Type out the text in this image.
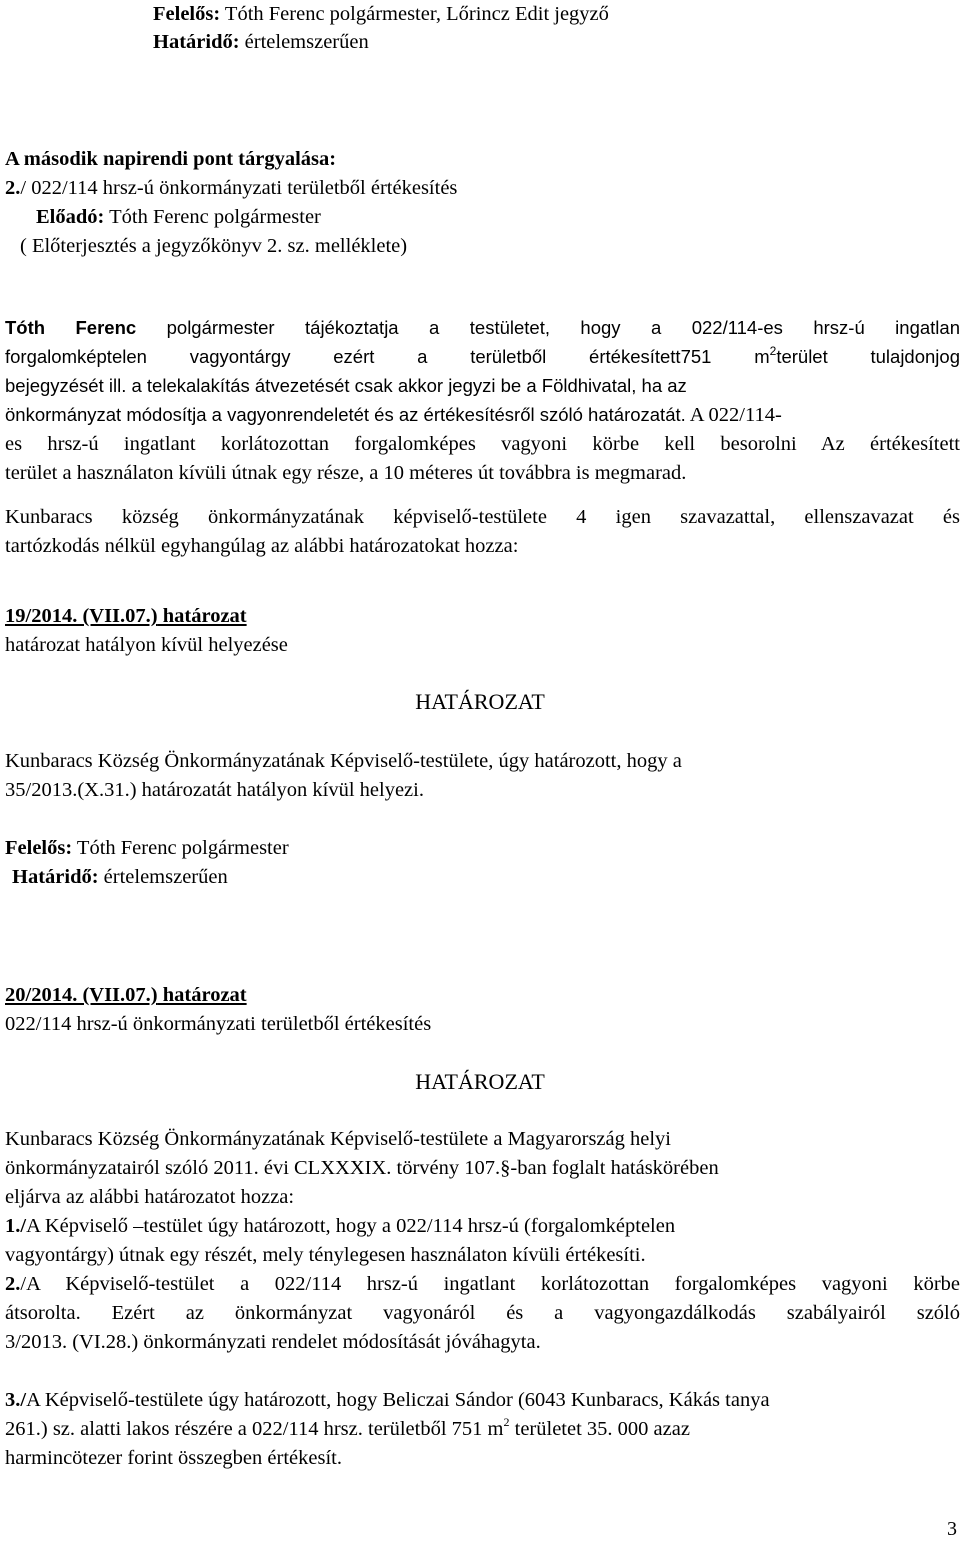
Felelős: Tóth Ferenc polgármester, Lőrincz Edit jegyző
Határidő: értelemszerűen
A második napirendi pont tárgyalása:
2./ 022/114 hrsz-ú önkormányzati területből értékesítés
Előadó: Tóth Ferenc polgármester
( Előterjesztés a jegyzőkönyv 2. sz. melléklete)
Tóth Ferenc polgármester tájékoztatja a testületet, hogy a 022/114-es hrsz-ú ingatlan
forgalomképtelen vagyontárgy ezért a területből értékesített751 $m^2terület$ tulajdonjog
bejegyzését ill. a telekalakítás átvezetését csak akkor jegyzi be a Földhivatal, ha az
önkormányzat módosítja a vagyonrendeletét és az értékesítésről szóló határozatát. A 022/114-
es hrsz-ú ingatlant korlátozottan forgalomképes vagyoni körbe kell besorolni Az értékesített
terület a használaton kívüli útnak egy része, a 10 méteres út továbbra is megmarad.
Kunbaracs község önkormányzatának képviselő-testülete 4 igen szavazattal, ellenszavazat és
tartózkodás nélkül egyhangúlag az alábbi határozatokat hozza:
19/2014. (VII.07.) határozat
határozat hatályon kívül helyezése
HATÁROZAT
Kunbaracs Község Önkormányzatának Képviselő-testülete, úgy határozott, hogy a
35/2013.(X.31.) határozatát hatályon kívül helyezi.
Felelős: Tóth Ferenc polgármester
Határidő: értelemszerűen
20/2014. (VII.07.) határozat
022/114 hrsz-ú önkormányzati területből értékesítés
HATÁROZAT
Kunbaracs Község Önkormányzatának Képviselő-testülete a Magyarország helyi
önkormányzatairól szóló 2011. évi CLXXXIX. törvény 107.§-ban foglalt hatáskörében
eljárva az alábbi határozatot hozza:
1./A Képviselő –testület úgy határozott, hogy a 022/114 hrsz-ú (forgalomképtelen
vagyontárgy) útnak egy részét, mely ténylegesen használaton kívüli értékesíti.
2./A Képviselő-testület a 022/114 hrsz-ú ingatlant korlátozottan forgalomképes vagyoni körbe
átsorolta. Ezért az önkormányzat vagyonáról és a vagyongazdálkodás szabályairól szóló
3/2013. (VI.28.) önkormányzati rendelet módosítását jóváhagyta.
3./A Képviselő-testülete úgy határozott, hogy Beliczai Sándor (6043 Kunbaracs, Kákás tanya
261.) sz. alatti lakos részére a 022/114 hrsz. területből 751 $m^2$ területet 35. 000 azaz
harmincötezer forint összegben értékesít.
3
